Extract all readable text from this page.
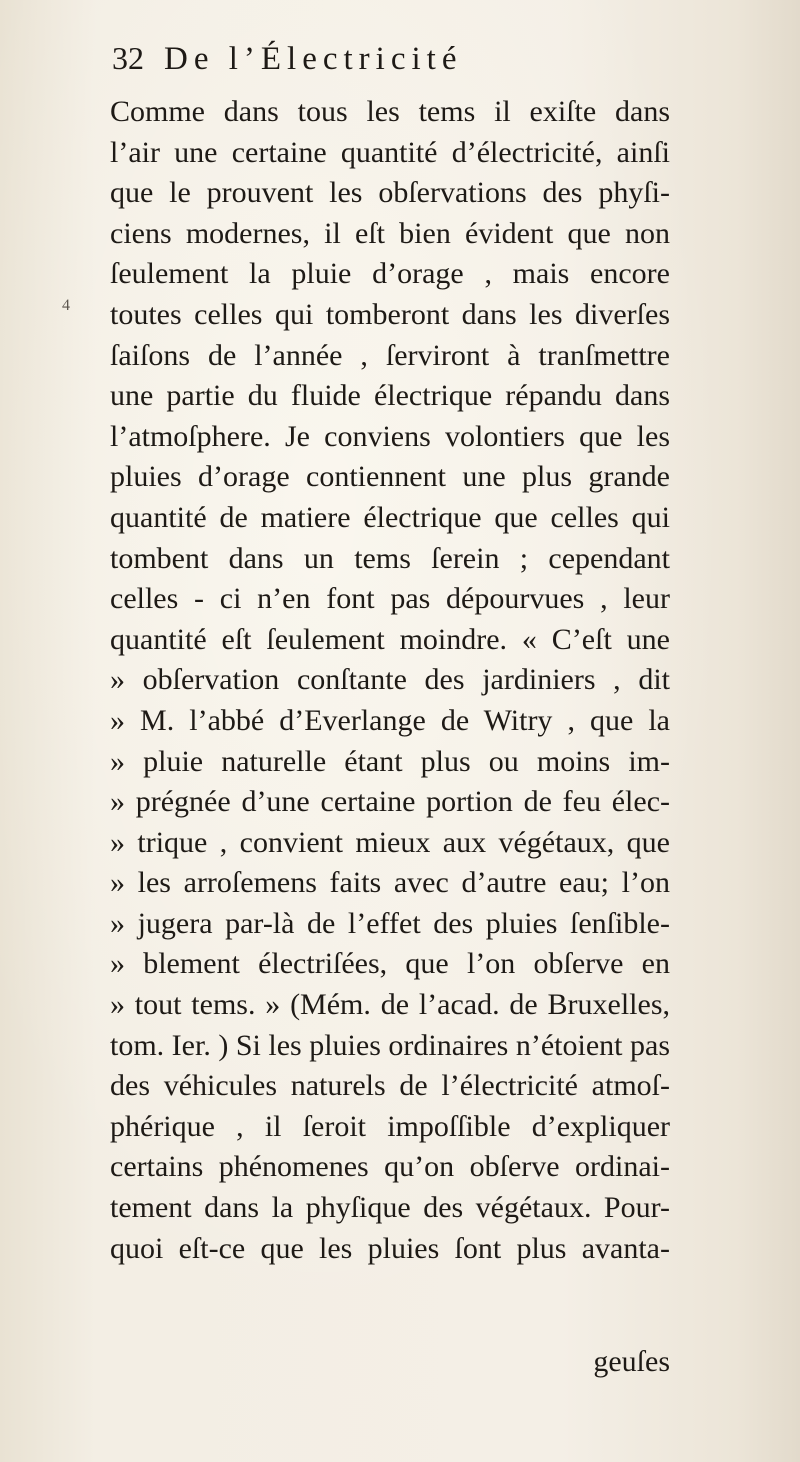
32 De l’Électricité
4
Comme dans tous les tems il exiſte dans
l’air une certaine quantité d’électricité, ainſi
que le prouvent les obſervations des phyſi-
ciens modernes, il eſt bien évident que non
ſeulement la pluie d’orage , mais encore
toutes celles qui tomberont dans les diverſes
ſaiſons de l’année , ſerviront à tranſmettre
une partie du fluide électrique répandu dans
l’atmoſphere. Je conviens volontiers que les
pluies d’orage contiennent une plus grande
quantité de matiere électrique que celles qui
tombent dans un tems ſerein ; cependant
celles - ci n’en font pas dépourvues , leur
quantité eſt ſeulement moindre. « C’eſt une
» obſervation conſtante des jardiniers , dit
» M. l’abbé d’Everlange de Witry , que la
» pluie naturelle étant plus ou moins im-
» prégnée d’une certaine portion de feu élec-
» trique , convient mieux aux végétaux, que
» les arroſemens faits avec d’autre eau; l’on
» jugera par-là de l’effet des pluies ſenſible-
» blement électriſées, que l’on obſerve en
» tout tems. » (Mém. de l’acad. de Bruxelles,
tom. Ier. ) Si les pluies ordinaires n’étoient pas
des véhicules naturels de l’électricité atmoſ-
phérique , il ſeroit impoſſible d’expliquer
certains phénomenes qu’on obſerve ordinai-
tement dans la phyſique des végétaux. Pour-
quoi eſt-ce que les pluies ſont plus avanta-
geuſes
